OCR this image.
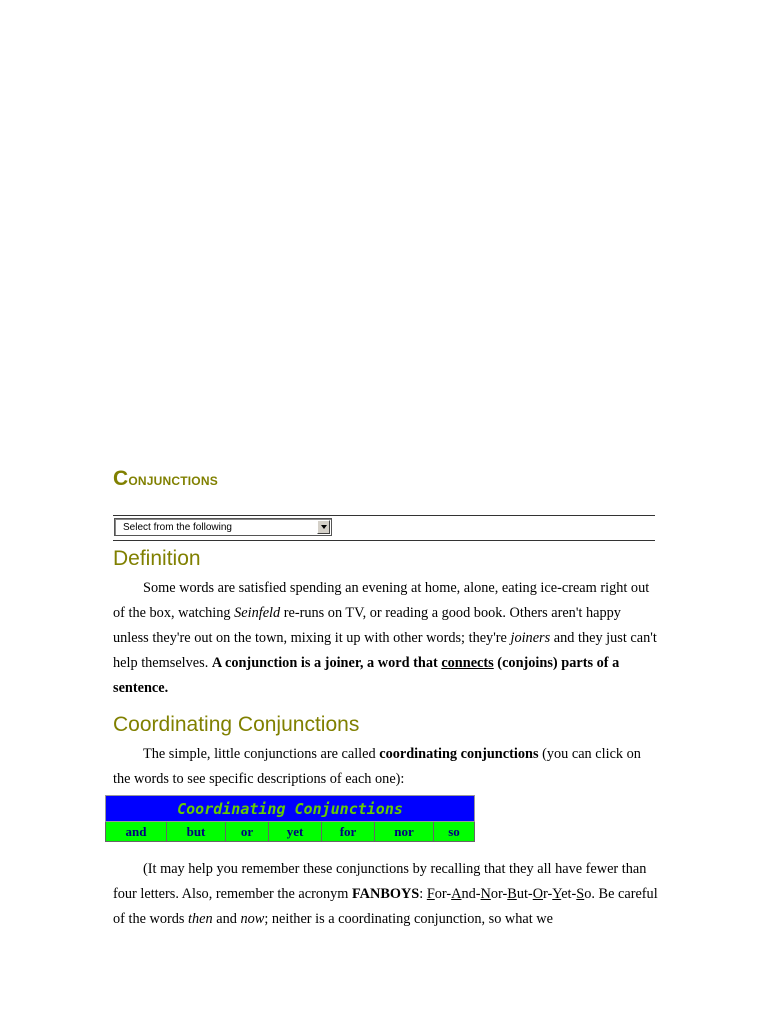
Conjunctions
Select from the following
Definition

Some words are satisfied spending an evening at home, alone, eating ice-cream right out of the box, watching Seinfeld re-runs on TV, or reading a good book. Others aren't happy unless they're out on the town, mixing it up with other words; they're joiners and they just can't help themselves. A conjunction is a joiner, a word that connects (conjoins) parts of a sentence.

Coordinating Conjunctions

The simple, little conjunctions are called coordinating conjunctions (you can click on the words to see specific descriptions of each one):

Coordinating Conjunctions
and	but	or	yet	for	nor	so

(It may help you remember these conjunctions by recalling that they all have fewer than four letters. Also, remember the acronym FANBOYS: For-And-Nor-But-Or-Yet-So. Be careful of the words then and now; neither is a coordinating conjunction, so what we
